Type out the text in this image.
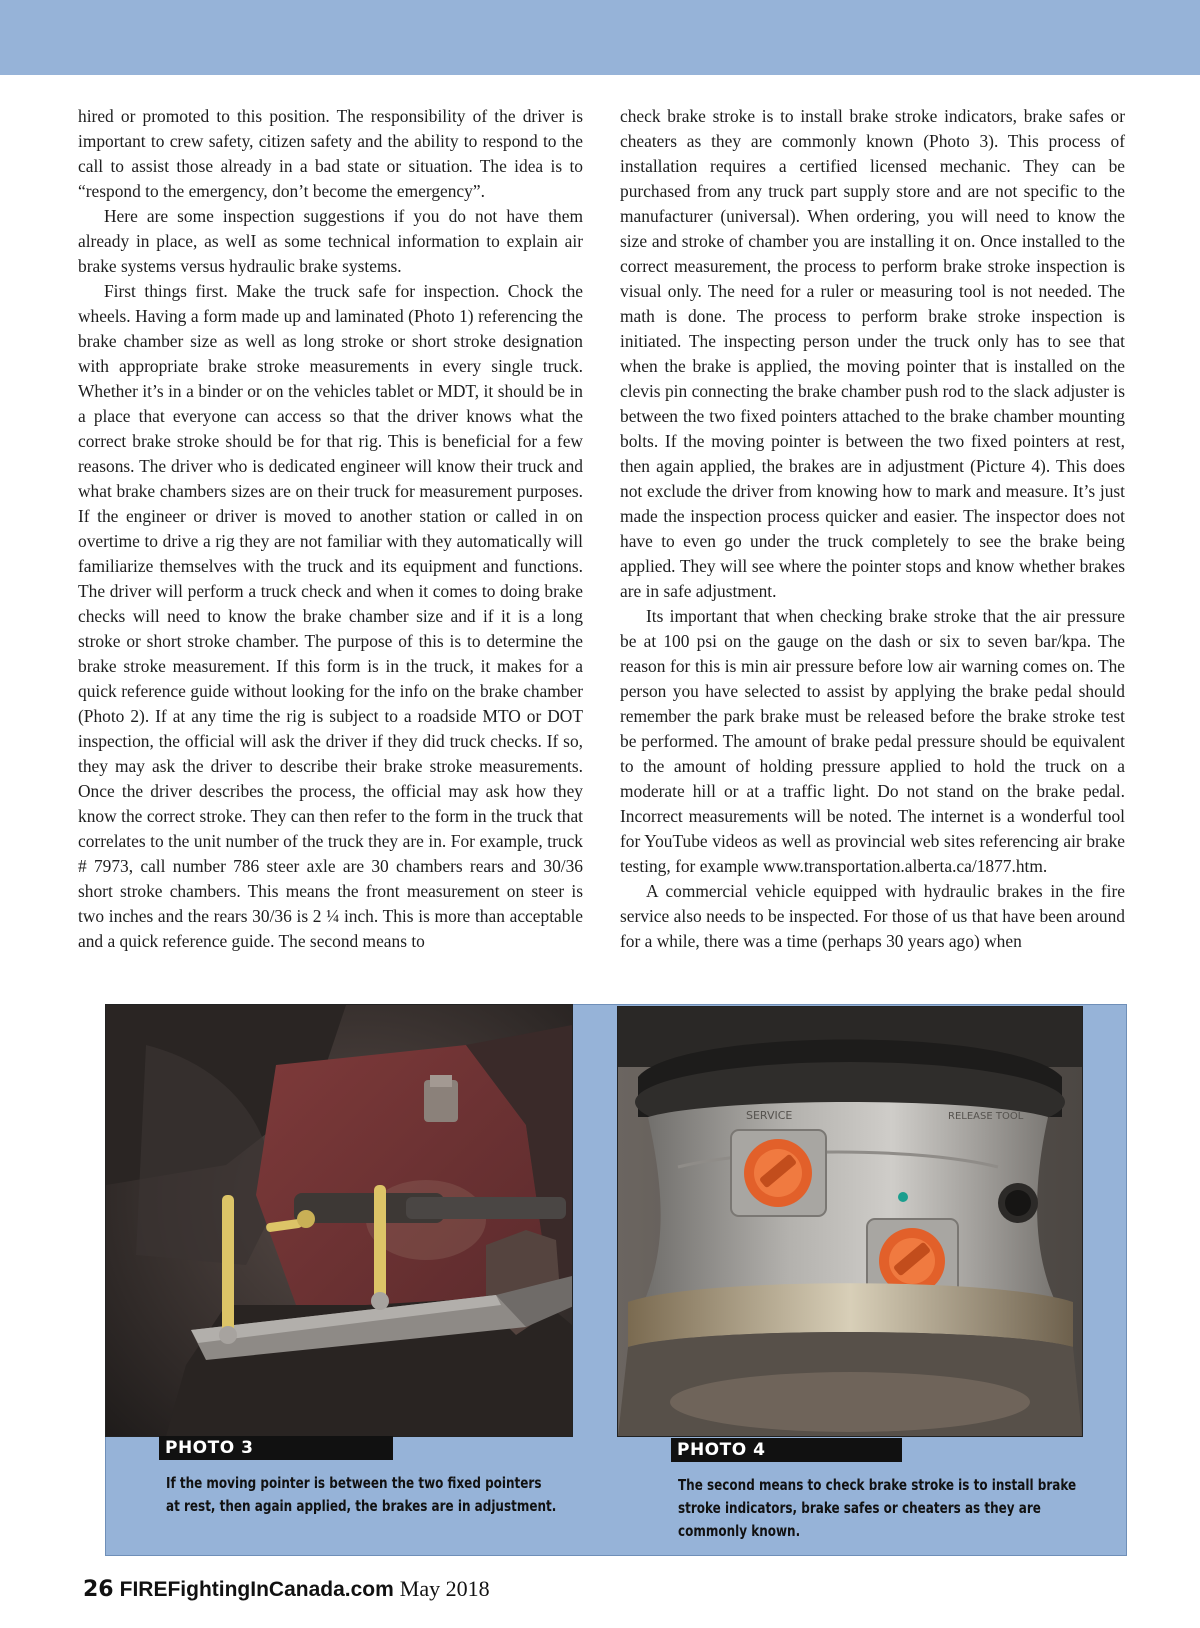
hired or promoted to this position. The responsibility of the driver is important to crew safety, citizen safety and the ability to respond to the call to assist those already in a bad state or situation. The idea is to “respond to the emergency, don’t become the emergency”.

Here are some inspection suggestions if you do not have them already in place, as welI as some technical information to explain air brake systems versus hydraulic brake systems.

First things first. Make the truck safe for inspection. Chock the wheels. Having a form made up and laminated (Photo 1) referencing the brake chamber size as well as long stroke or short stroke designation with appropriate brake stroke measurements in every single truck. Whether it’s in a binder or on the vehicles tablet or MDT, it should be in a place that everyone can access so that the driver knows what the correct brake stroke should be for that rig. This is beneficial for a few reasons. The driver who is dedicated engineer will know their truck and what brake chambers sizes are on their truck for measurement purposes. If the engineer or driver is moved to another station or called in on overtime to drive a rig they are not familiar with they automatically will familiarize themselves with the truck and its equipment and functions. The driver will perform a truck check and when it comes to doing brake checks will need to know the brake chamber size and if it is a long stroke or short stroke chamber. The purpose of this is to determine the brake stroke measurement. If this form is in the truck, it makes for a quick reference guide without looking for the info on the brake chamber (Photo 2). If at any time the rig is subject to a roadside MTO or DOT inspection, the official will ask the driver if they did truck checks. If so, they may ask the driver to describe their brake stroke measurements. Once the driver describes the process, the official may ask how they know the correct stroke. They can then refer to the form in the truck that correlates to the unit number of the truck they are in. For example, truck # 7973, call number 786 steer axle are 30 chambers rears and 30/36 short stroke chambers. This means the front measurement on steer is two inches and the rears 30/36 is 2 ¼ inch. This is more than acceptable and a quick reference guide. The second means to

check brake stroke is to install brake stroke indicators, brake safes or cheaters as they are commonly known (Photo 3). This process of installation requires a certified licensed mechanic. They can be purchased from any truck part supply store and are not specific to the manufacturer (universal). When ordering, you will need to know the size and stroke of chamber you are installing it on. Once installed to the correct measurement, the process to perform brake stroke inspection is visual only. The need for a ruler or measuring tool is not needed. The math is done. The process to perform brake stroke inspection is initiated. The inspecting person under the truck only has to see that when the brake is applied, the moving pointer that is installed on the clevis pin connecting the brake chamber push rod to the slack adjuster is between the two fixed pointers attached to the brake chamber mounting bolts. If the moving pointer is between the two fixed pointers at rest, then again applied, the brakes are in adjustment (Picture 4). This does not exclude the driver from knowing how to mark and measure. It’s just made the inspection process quicker and easier. The inspector does not have to even go under the truck completely to see the brake being applied. They will see where the pointer stops and know whether brakes are in safe adjustment.

Its important that when checking brake stroke that the air pressure be at 100 psi on the gauge on the dash or six to seven bar/kpa. The reason for this is min air pressure before low air warning comes on. The person you have selected to assist by applying the brake pedal should remember the park brake must be released before the brake stroke test be performed. The amount of brake pedal pressure should be equivalent to the amount of holding pressure applied to hold the truck on a moderate hill or at a traffic light. Do not stand on the brake pedal. Incorrect measurements will be noted. The internet is a wonderful tool for YouTube videos as well as provincial web sites referencing air brake testing, for example www.transportation.alberta.ca/1877.htm.

A commercial vehicle equipped with hydraulic brakes in the fire service also needs to be inspected. For those of us that have been around for a while, there was a time (perhaps 30 years ago) when

SERVICE	RELEASE TOOL
PHOTO 3
If the moving pointer is between the two fixed pointers at rest, then again applied, the brakes are in adjustment.
PHOTO 4
The second means to check brake stroke is to install brake stroke indicators, brake safes or cheaters as they are commonly known.
26 FIREFightingInCanada.com May 2018
